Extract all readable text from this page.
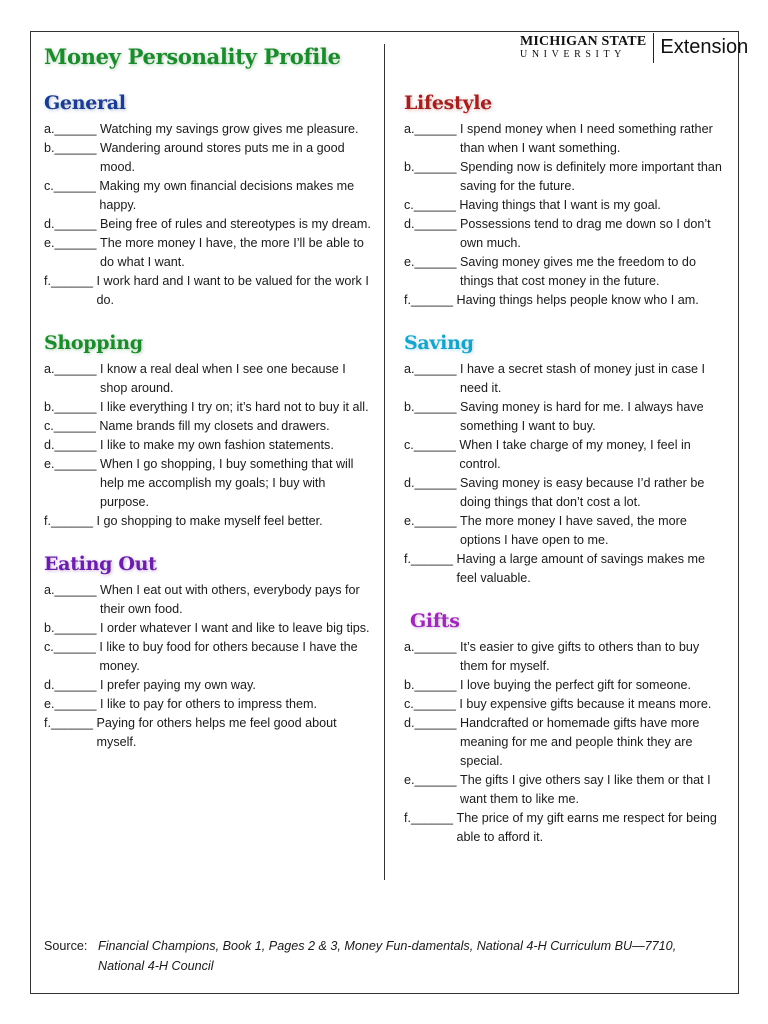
MICHIGAN STATE
UNIVERSITY	Extension
Money Personality Profile
General
a.______ Watching my savings grow gives me pleasure.
b.______ Wandering around stores puts me in a good mood.
c.______ Making my own financial decisions makes me happy.
d.______ Being free of rules and stereotypes is my dream.
e.______ The more money I have, the more I’ll be able to do what I want.
f.______ I work hard and I want to be valued for the work I do.
Shopping
a.______ I know a real deal when I see one because I shop around.
b.______ I like everything I try on; it’s hard not to buy it all.
c.______ Name brands fill my closets and drawers.
d.______ I like to make my own fashion statements.
e.______ When I go shopping, I buy something that will help me accomplish my goals; I buy with purpose.
f.______ I go shopping to make myself feel better.
Eating Out
a.______ When I eat out with others, everybody pays for their own food.
b.______ I order whatever I want and like to leave big tips.
c.______ I like to buy food for others because I have the money.
d.______ I prefer paying my own way.
e.______ I like to pay for others to impress them.
f.______ Paying for others helps me feel good about myself.
Lifestyle
a.______ I spend money when I need something rather than when I want something.
b.______ Spending now is definitely more important than saving for the future.
c.______ Having things that I want is my goal.
d.______ Possessions tend to drag me down so I don’t own much.
e.______ Saving money gives me the freedom to do things that cost money in the future.
f.______ Having things helps people know who I am.
Saving
a.______ I have a secret stash of money just in case I need it.
b.______ Saving money is hard for me. I always have something I want to buy.
c.______ When I take charge of my money, I feel in control.
d.______ Saving money is easy because I’d rather be doing things that don’t cost a lot.
e.______ The more money I have saved, the more options I have open to me.
f.______ Having a large amount of savings makes me feel valuable.
Gifts
a.______ It’s easier to give gifts to others than to buy them for myself.
b.______ I love buying the perfect gift for someone.
c.______ I buy expensive gifts because it means more.
d.______ Handcrafted or homemade gifts have more meaning for me and people think they are special.
e.______ The gifts I give others say I like them or that I want them to like me.
f.______ The price of my gift earns me respect for being able to afford it.
Source: Financial Champions, Book 1, Pages 2 & 3, Money Fun-damentals, National 4-H Curriculum BU—7710,
National 4-H Council
